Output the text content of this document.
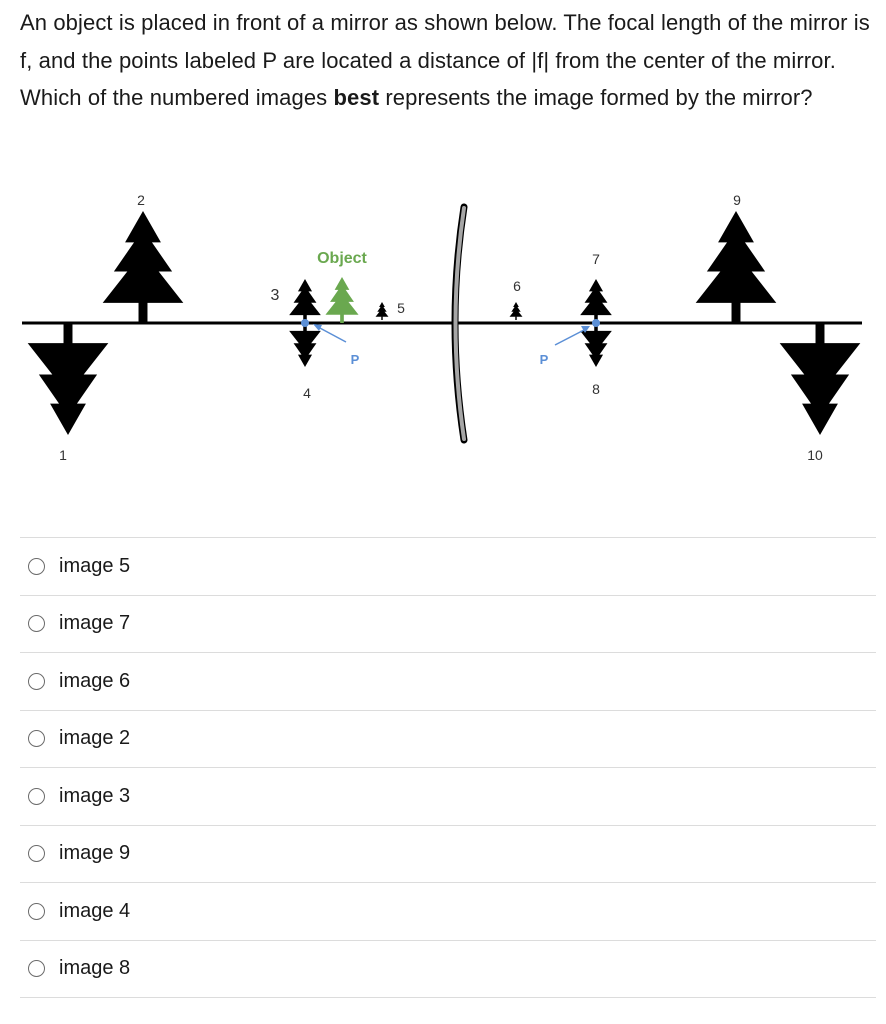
An object is placed in front of a mirror as shown below. The focal length of the mirror is f, and the points labeled P are located a distance of |f| from the center of the mirror. Which of the numbered images best represents the image formed by the mirror?
Object
P	P
1
2
3
4
5
6
7
8
9
10
image 5
image 7
image 6
image 2
image 3
image 9
image 4
image 8
